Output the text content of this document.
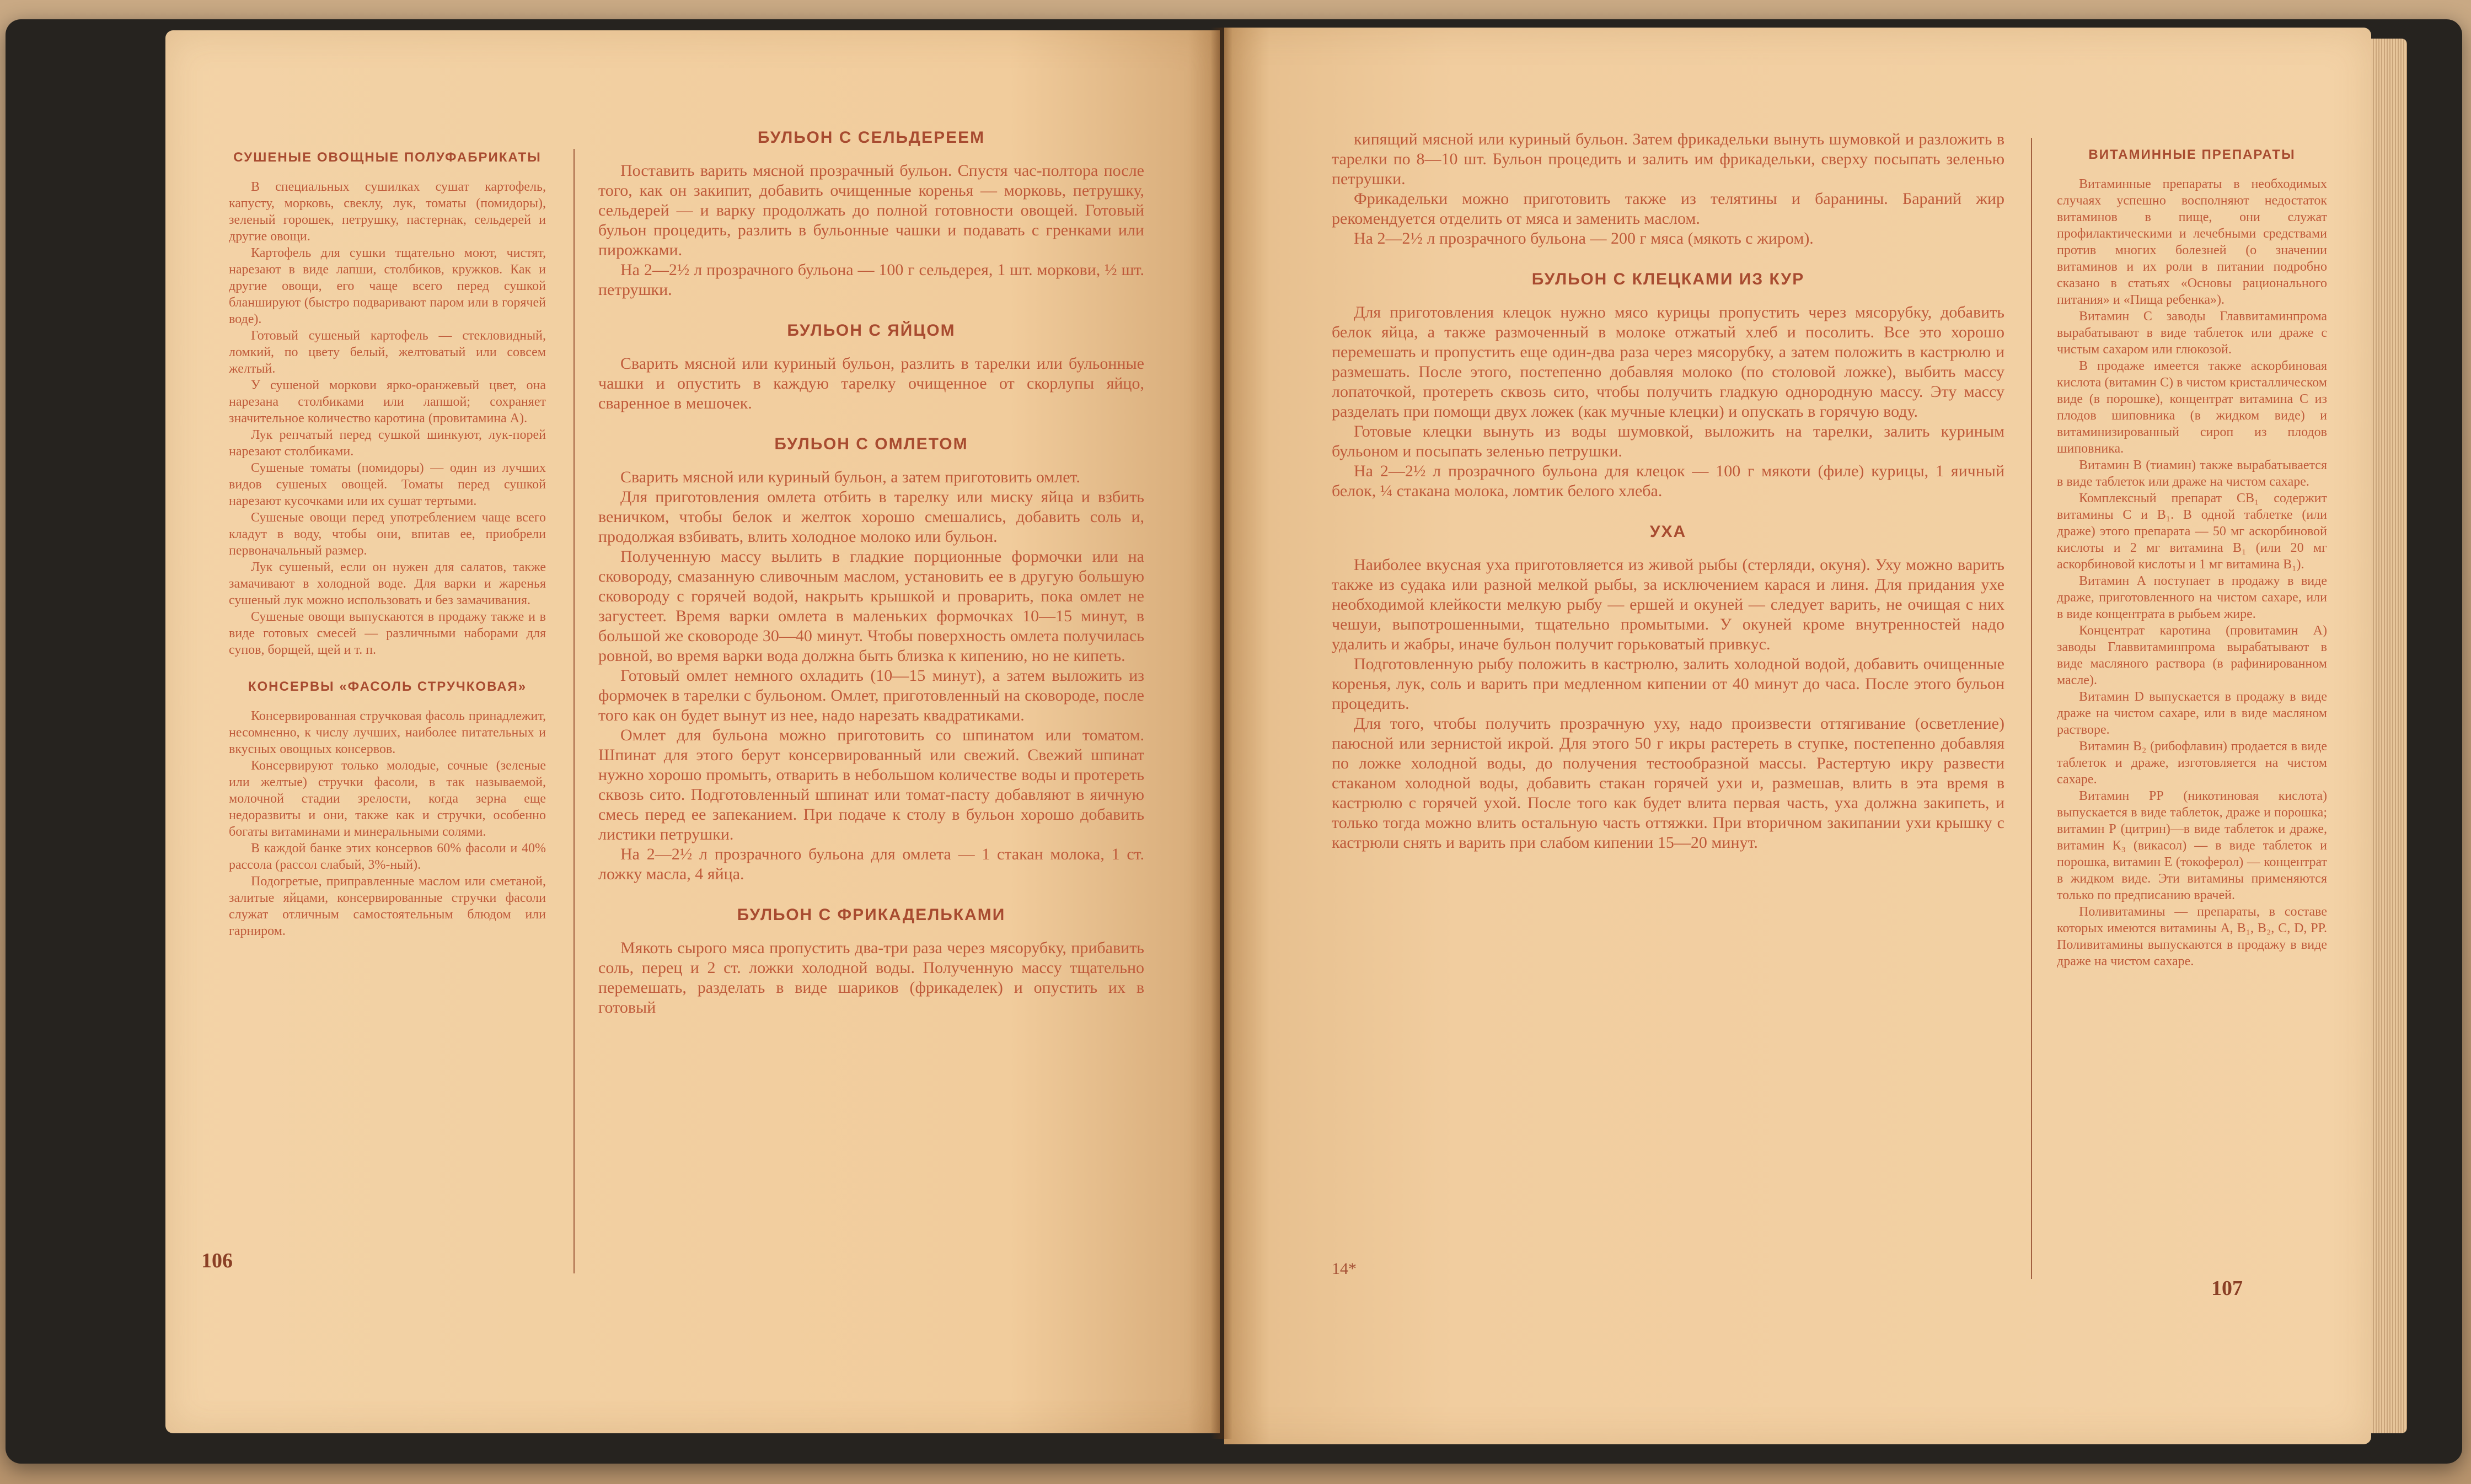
СУШЕНЫЕ ОВОЩНЫЕ ПОЛУФАБРИКАТЫ

В специальных сушилках сушат картофель, капусту, морковь, свеклу, лук, томаты (помидоры), зеленый горошек, петрушку, пастернак, сельдерей и другие овощи.

Картофель для сушки тщательно моют, чистят, нарезают в виде лапши, столбиков, кружков. Как и другие овощи, его чаще всего перед сушкой бланшируют (быстро подваривают паром или в горячей воде).

Готовый сушеный картофель — стекловидный, ломкий, по цвету белый, желтоватый или совсем желтый.

У сушеной моркови ярко-оранжевый цвет, она нарезана столбиками или лапшой; сохраняет значительное количество каротина (провитамина А).

Лук репчатый перед сушкой шинкуют, лук-порей нарезают столбиками.

Сушеные томаты (помидоры) — один из лучших видов сушеных овощей. Томаты перед сушкой нарезают кусочками или их сушат тертыми.

Сушеные овощи перед употреблением чаще всего кладут в воду, чтобы они, впитав ее, приобрели первоначальный размер.

Лук сушеный, если он нужен для салатов, также замачивают в холодной воде. Для варки и жаренья сушеный лук можно использовать и без замачивания.

Сушеные овощи выпускаются в продажу также и в виде готовых смесей — различными наборами для супов, борщей, щей и т. п.

КОНСЕРВЫ «ФАСОЛЬ СТРУЧКОВАЯ»

Консервированная стручковая фасоль принадлежит, несомненно, к числу лучших, наиболее питательных и вкусных овощных консервов.

Консервируют только молодые, сочные (зеленые или желтые) стручки фасоли, в так называемой, молочной стадии зрелости, когда зерна еще недоразвиты и они, также как и стручки, особенно богаты витаминами и минеральными солями.

В каждой банке этих консервов 60% фасоли и 40% рассола (рассол слабый, 3%-ный).

Подогретые, приправленные маслом или сметаной, залитые яйцами, консервированные стручки фасоли служат отличным самостоятельным блюдом или гарниром.

БУЛЬОН С СЕЛЬДЕРЕЕМ

Поставить варить мясной прозрачный бульон. Спустя час-полтора после того, как он закипит, добавить очищенные коренья — морковь, петрушку, сельдерей — и варку продолжать до полной готовности овощей. Готовый бульон процедить, разлить в бульонные чашки и подавать с гренками или пирожками.

На 2—2½ л прозрачного бульона — 100 г сельдерея, 1 шт. моркови, ½ шт. петрушки.

БУЛЬОН С ЯЙЦОМ

Сварить мясной или куриный бульон, разлить в тарелки или бульонные чашки и опустить в каждую тарелку очищенное от скорлупы яйцо, сваренное в мешочек.

БУЛЬОН С ОМЛЕТОМ

Сварить мясной или куриный бульон, а затем приготовить омлет.

Для приготовления омлета отбить в тарелку или миску яйца и взбить веничком, чтобы белок и желток хорошо смешались, добавить соль и, продолжая взбивать, влить холодное молоко или бульон.

Полученную массу вылить в гладкие порционные формочки или на сковороду, смазанную сливочным маслом, установить ее в другую большую сковороду с горячей водой, накрыть крышкой и проварить, пока омлет не загустеет. Время варки омлета в маленьких формочках 10—15 минут, в большой же сковороде 30—40 минут. Чтобы поверхность омлета получилась ровной, во время варки вода должна быть близка к кипению, но не кипеть.

Готовый омлет немного охладить (10—15 минут), а затем выложить из формочек в тарелки с бульоном. Омлет, приготовленный на сковороде, после того как он будет вынут из нее, надо нарезать квадратиками.

Омлет для бульона можно приготовить со шпинатом или томатом. Шпинат для этого берут консервированный или свежий. Свежий шпинат нужно хорошо промыть, отварить в небольшом количестве воды и протереть сквозь сито. Подготовленный шпинат или томат-пасту добавляют в яичную смесь перед ее запеканием. При подаче к столу в бульон хорошо добавить листики петрушки.

На 2—2½ л прозрачного бульона для омлета — 1 стакан молока, 1 ст. ложку масла, 4 яйца.

БУЛЬОН С ФРИКАДЕЛЬКАМИ

Мякоть сырого мяса пропустить два-три раза через мясорубку, прибавить соль, перец и 2 ст. ложки холодной воды. Полученную массу тщательно перемешать, разделать в виде шариков (фрикаделек) и опустить их в готовый

106

кипящий мясной или куриный бульон. Затем фрикадельки вынуть шумовкой и разложить в тарелки по 8—10 шт. Бульон процедить и залить им фрикадельки, сверху посыпать зеленью петрушки.

Фрикадельки можно приготовить также из телятины и баранины. Бараний жир рекомендуется отделить от мяса и заменить маслом.

На 2—2½ л прозрачного бульона — 200 г мяса (мякоть с жиром).

БУЛЬОН С КЛЕЦКАМИ ИЗ КУР

Для приготовления клецок нужно мясо курицы пропустить через мясорубку, добавить белок яйца, а также размоченный в молоке отжатый хлеб и посолить. Все это хорошо перемешать и пропустить еще один-два раза через мясорубку, а затем положить в кастрюлю и размешать. После этого, постепенно добавляя молоко (по столовой ложке), выбить массу лопаточкой, протереть сквозь сито, чтобы получить гладкую однородную массу. Эту массу разделать при помощи двух ложек (как мучные клецки) и опускать в горячую воду.

Готовые клецки вынуть из воды шумовкой, выложить на тарелки, залить куриным бульоном и посыпать зеленью петрушки.

На 2—2½ л прозрачного бульона для клецок — 100 г мякоти (филе) курицы, 1 яичный белок, ¼ стакана молока, ломтик белого хлеба.

УХА

Наиболее вкусная уха приготовляется из живой рыбы (стерляди, окуня). Уху можно варить также из судака или разной мелкой рыбы, за исключением карася и линя. Для придания ухе необходимой клейкости мелкую рыбу — ершей и окуней — следует варить, не очищая с них чешуи, выпотрошенными, тщательно промытыми. У окуней кроме внутренностей надо удалить и жабры, иначе бульон получит горьковатый привкус.

Подготовленную рыбу положить в кастрюлю, залить холодной водой, добавить очищенные коренья, лук, соль и варить при медленном кипении от 40 минут до часа. После этого бульон процедить.

Для того, чтобы получить прозрачную уху, надо произвести оттягивание (осветление) паюсной или зернистой икрой. Для этого 50 г икры растереть в ступке, постепенно добавляя по ложке холодной воды, до получения тестообразной массы. Растертую икру развести стаканом холодной воды, добавить стакан горячей ухи и, размешав, влить в эта время в кастрюлю с горячей ухой. После того как будет влита первая часть, уха должна закипеть, и только тогда можно влить остальную часть оттяжки. При вторичном закипании ухи крышку с кастрюли снять и варить при слабом кипении 15—20 минут.

ВИТАМИННЫЕ ПРЕПАРАТЫ

Витаминные препараты в необходимых случаях успешно восполняют недостаток витаминов в пище, они служат профилактическими и лечебными средствами против многих болезней (о значении витаминов и их роли в питании подробно сказано в статьях «Основы рационального питания» и «Пища ребенка»).

Витамин С заводы Главвитаминпрома вырабатывают в виде таблеток или драже с чистым сахаром или глюкозой.

В продаже имеется также аскорбиновая кислота (витамин С) в чистом кристаллическом виде (в порошке), концентрат витамина С из плодов шиповника (в жидком виде) и витаминизированный сироп из плодов шиповника.

Витамин В (тиамин) также вырабатывается в виде таблеток или драже на чистом сахаре.

Комплексный препарат СВ₁ содержит витамины С и В₁. В одной таблетке (или драже) этого препарата — 50 мг аскорбиновой кислоты и 2 мг витамина В₁ (или 20 мг аскорбиновой кислоты и 1 мг витамина В₁).

Витамин А поступает в продажу в виде драже, приготовленного на чистом сахаре, или в виде концентрата в рыбьем жире.

Концентрат каротина (провитамин А) заводы Главвитаминпрома вырабатывают в виде масляного раствора (в рафинированном масле).

Витамин D выпускается в продажу в виде драже на чистом сахаре, или в виде масляном растворе.

Витамин В₂ (рибофлавин) продается в виде таблеток и драже, изготовляется на чистом сахаре.

Витамин РР (никотиновая кислота) выпускается в виде таблеток, драже и порошка; витамин Р (цитрин)—в виде таблеток и драже, витамин К₃ (викасол) — в виде таблеток и порошка, витамин Е (токоферол) — концентрат в жидком виде. Эти витамины применяются только по предписанию врачей.

Поливитамины — препараты, в составе которых имеются витамины А, В₁, В₂, С, D, РР. Поливитамины выпускаются в продажу в виде драже на чистом сахаре.

14*
107
